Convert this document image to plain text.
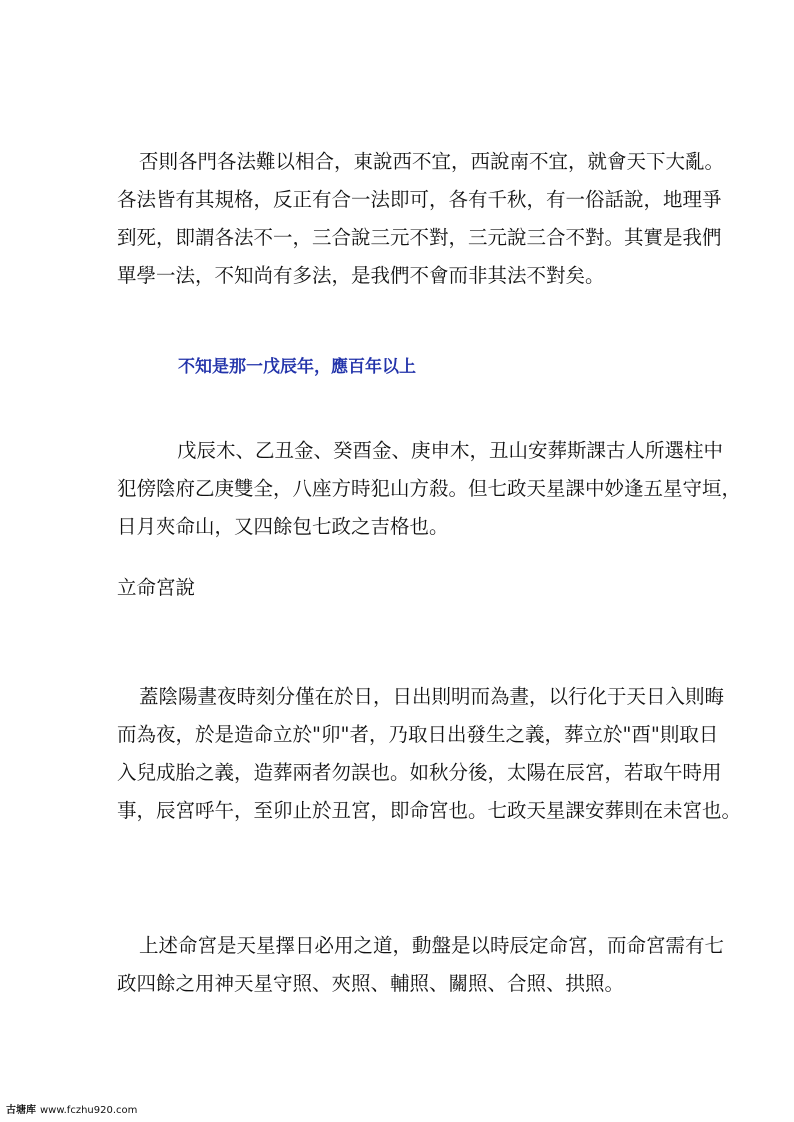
否則各門各法難以相合，東說西不宜，西說南不宜，就會天下大亂。
各法皆有其規格，反正有合一法即可，各有千秋，有一俗話說，地理爭
到死，即謂各法不一，三合說三元不對，三元說三合不對。其實是我們
單學一法，不知尚有多法，是我們不會而非其法不對矣。

不知是那一戊辰年，應百年以上

戊辰木、乙丑金、癸酉金、庚申木，丑山安葬斯課古人所選柱中
犯傍陰府乙庚雙全，八座方時犯山方殺。但七政天星課中妙逢五星守垣，
日月夾命山，又四餘包七政之吉格也。

立命宮說

蓋陰陽晝夜時刻分僅在於日，日出則明而為晝，以行化于天日入則晦
而為夜，於是造命立於"卯"者，乃取日出發生之義，葬立於"酉"則取日
入兒成胎之義，造葬兩者勿誤也。如秋分後，太陽在辰宮，若取午時用
事，辰宮呼午，至卯止於丑宮，即命宮也。七政天星課安葬則在未宮也。
上述命宮是天星擇日必用之道，動盤是以時辰定命宮，而命宮需有七
政四餘之用神天星守照、夾照、輔照、關照、合照、拱照。
古塘库 www.fczhu920.com
